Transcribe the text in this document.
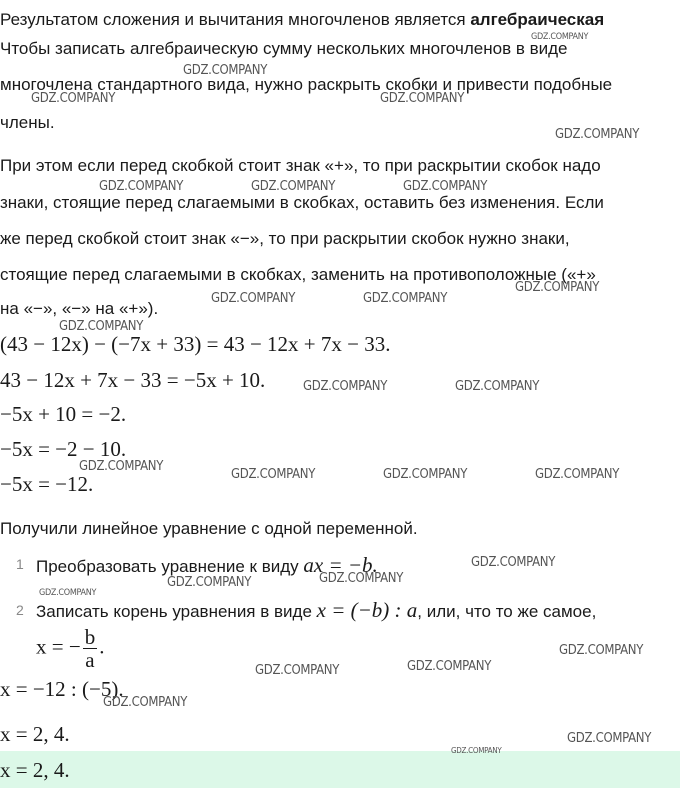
Результатом сложения и вычитания многочленов является алгебраическая
Чтобы записать алгебраическую сумму нескольких многочленов в виде
многочлена стандартного вида, нужно раскрыть скобки и привести подобные
члены.
При этом если перед скобкой стоит знак «+», то при раскрытии скобок надо
знаки, стоящие перед слагаемыми в скобках, оставить без изменения. Если
же перед скобкой стоит знак «−», то при раскрытии скобок нужно знаки,
стоящие перед слагаемыми в скобках, заменить на противоположные («+»
на «−», «−» на «+»).
(43 − 12x) − (−7x + 33) = 43 − 12x + 7x − 33.
43 − 12x + 7x − 33 = −5x + 10.
−5x + 10 = −2.
−5x = −2 − 10.
−5x = −12.
Получили линейное уравнение с одной переменной.
1 Преобразовать уравнение к виду ax = −b.
2 Записать корень уравнения в виде x = (−b) : a, или, что то же самое,
x = − $\frac{b}{a}$ .
x = −12 : (−5).
x = 2, 4.
x = 2, 4.
GDZ.COMPANY
GDZ.COMPANY
GDZ.COMPANY	GDZ.COMPANY
GDZ.COMPANY
GDZ.COMPANY	GDZ.COMPANY	GDZ.COMPANY
GDZ.COMPANY
GDZ.COMPANY	GDZ.COMPANY
GDZ.COMPANY
GDZ.COMPANY	GDZ.COMPANY
GDZ.COMPANY
GDZ.COMPANY	GDZ.COMPANY	GDZ.COMPANY
GDZ.COMPANY
GDZ.COMPANY
GDZ.COMPANY
GDZ.COMPANY
GDZ.COMPANY
GDZ.COMPANY
GDZ.COMPANY
GDZ.COMPANY
GDZ.COMPANY
GDZ.COMPANY
